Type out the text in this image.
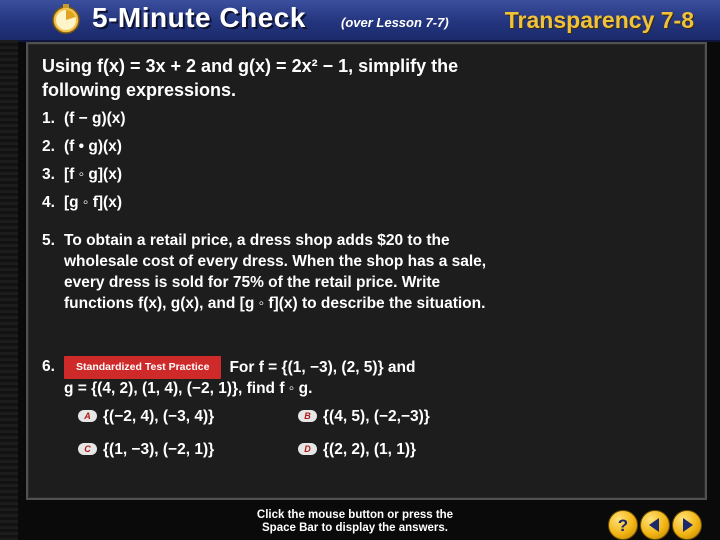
5-Minute Check	(over Lesson 7-7) Transparency 7-8
Using f(x) = 3x + 2 and g(x) = 2x² − 1, simplify the following expressions.
1. (f − g)(x)
2. (f • g)(x)
3. [f ◦ g](x)
4. [g ◦ f](x)
5. To obtain a retail price, a dress shop adds $20 to the wholesale cost of every dress. When the shop has a sale, every dress is sold for 75% of the retail price. Write functions f(x), g(x), and [g ◦ f](x) to describe the situation.
6.	Standardized Test Practice For f = {(1, −3), (2, 5)} and
g = {(4, 2), (1, 4), (−2, 1)}, find f ◦ g.
A {(−2, 4), (−3, 4)}	B {(4, 5), (−2,−3)}
C {(1, −3), (−2, 1)}	D {(2, 2), (1, 1)}
Click the mouse button or press the
Space Bar to display the answers.	?
